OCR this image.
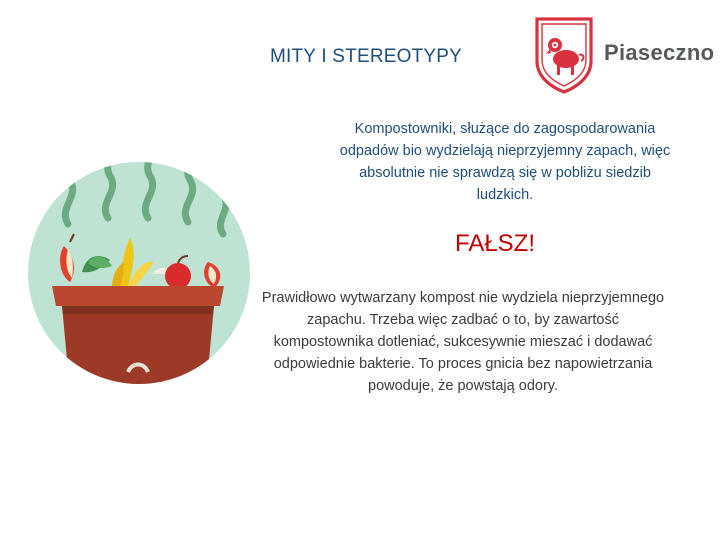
MITY I STEREOTYPY	Piaseczno
Kompostowniki, służące do zagospodarowania odpadów bio wydzielają nieprzyjemny zapach, więc absolutnie nie sprawdzą się w pobliżu siedzib ludzkich.
FAŁSZ!
Prawidłowo wytwarzany kompost nie wydziela nieprzyjemnego zapachu. Trzeba więc zadbać o to, by zawartość kompostownika dotleniać, sukcesywnie mieszać i dodawać odpowiednie bakterie. To proces gnicia bez napowietrzania powoduje, że powstają odory.
